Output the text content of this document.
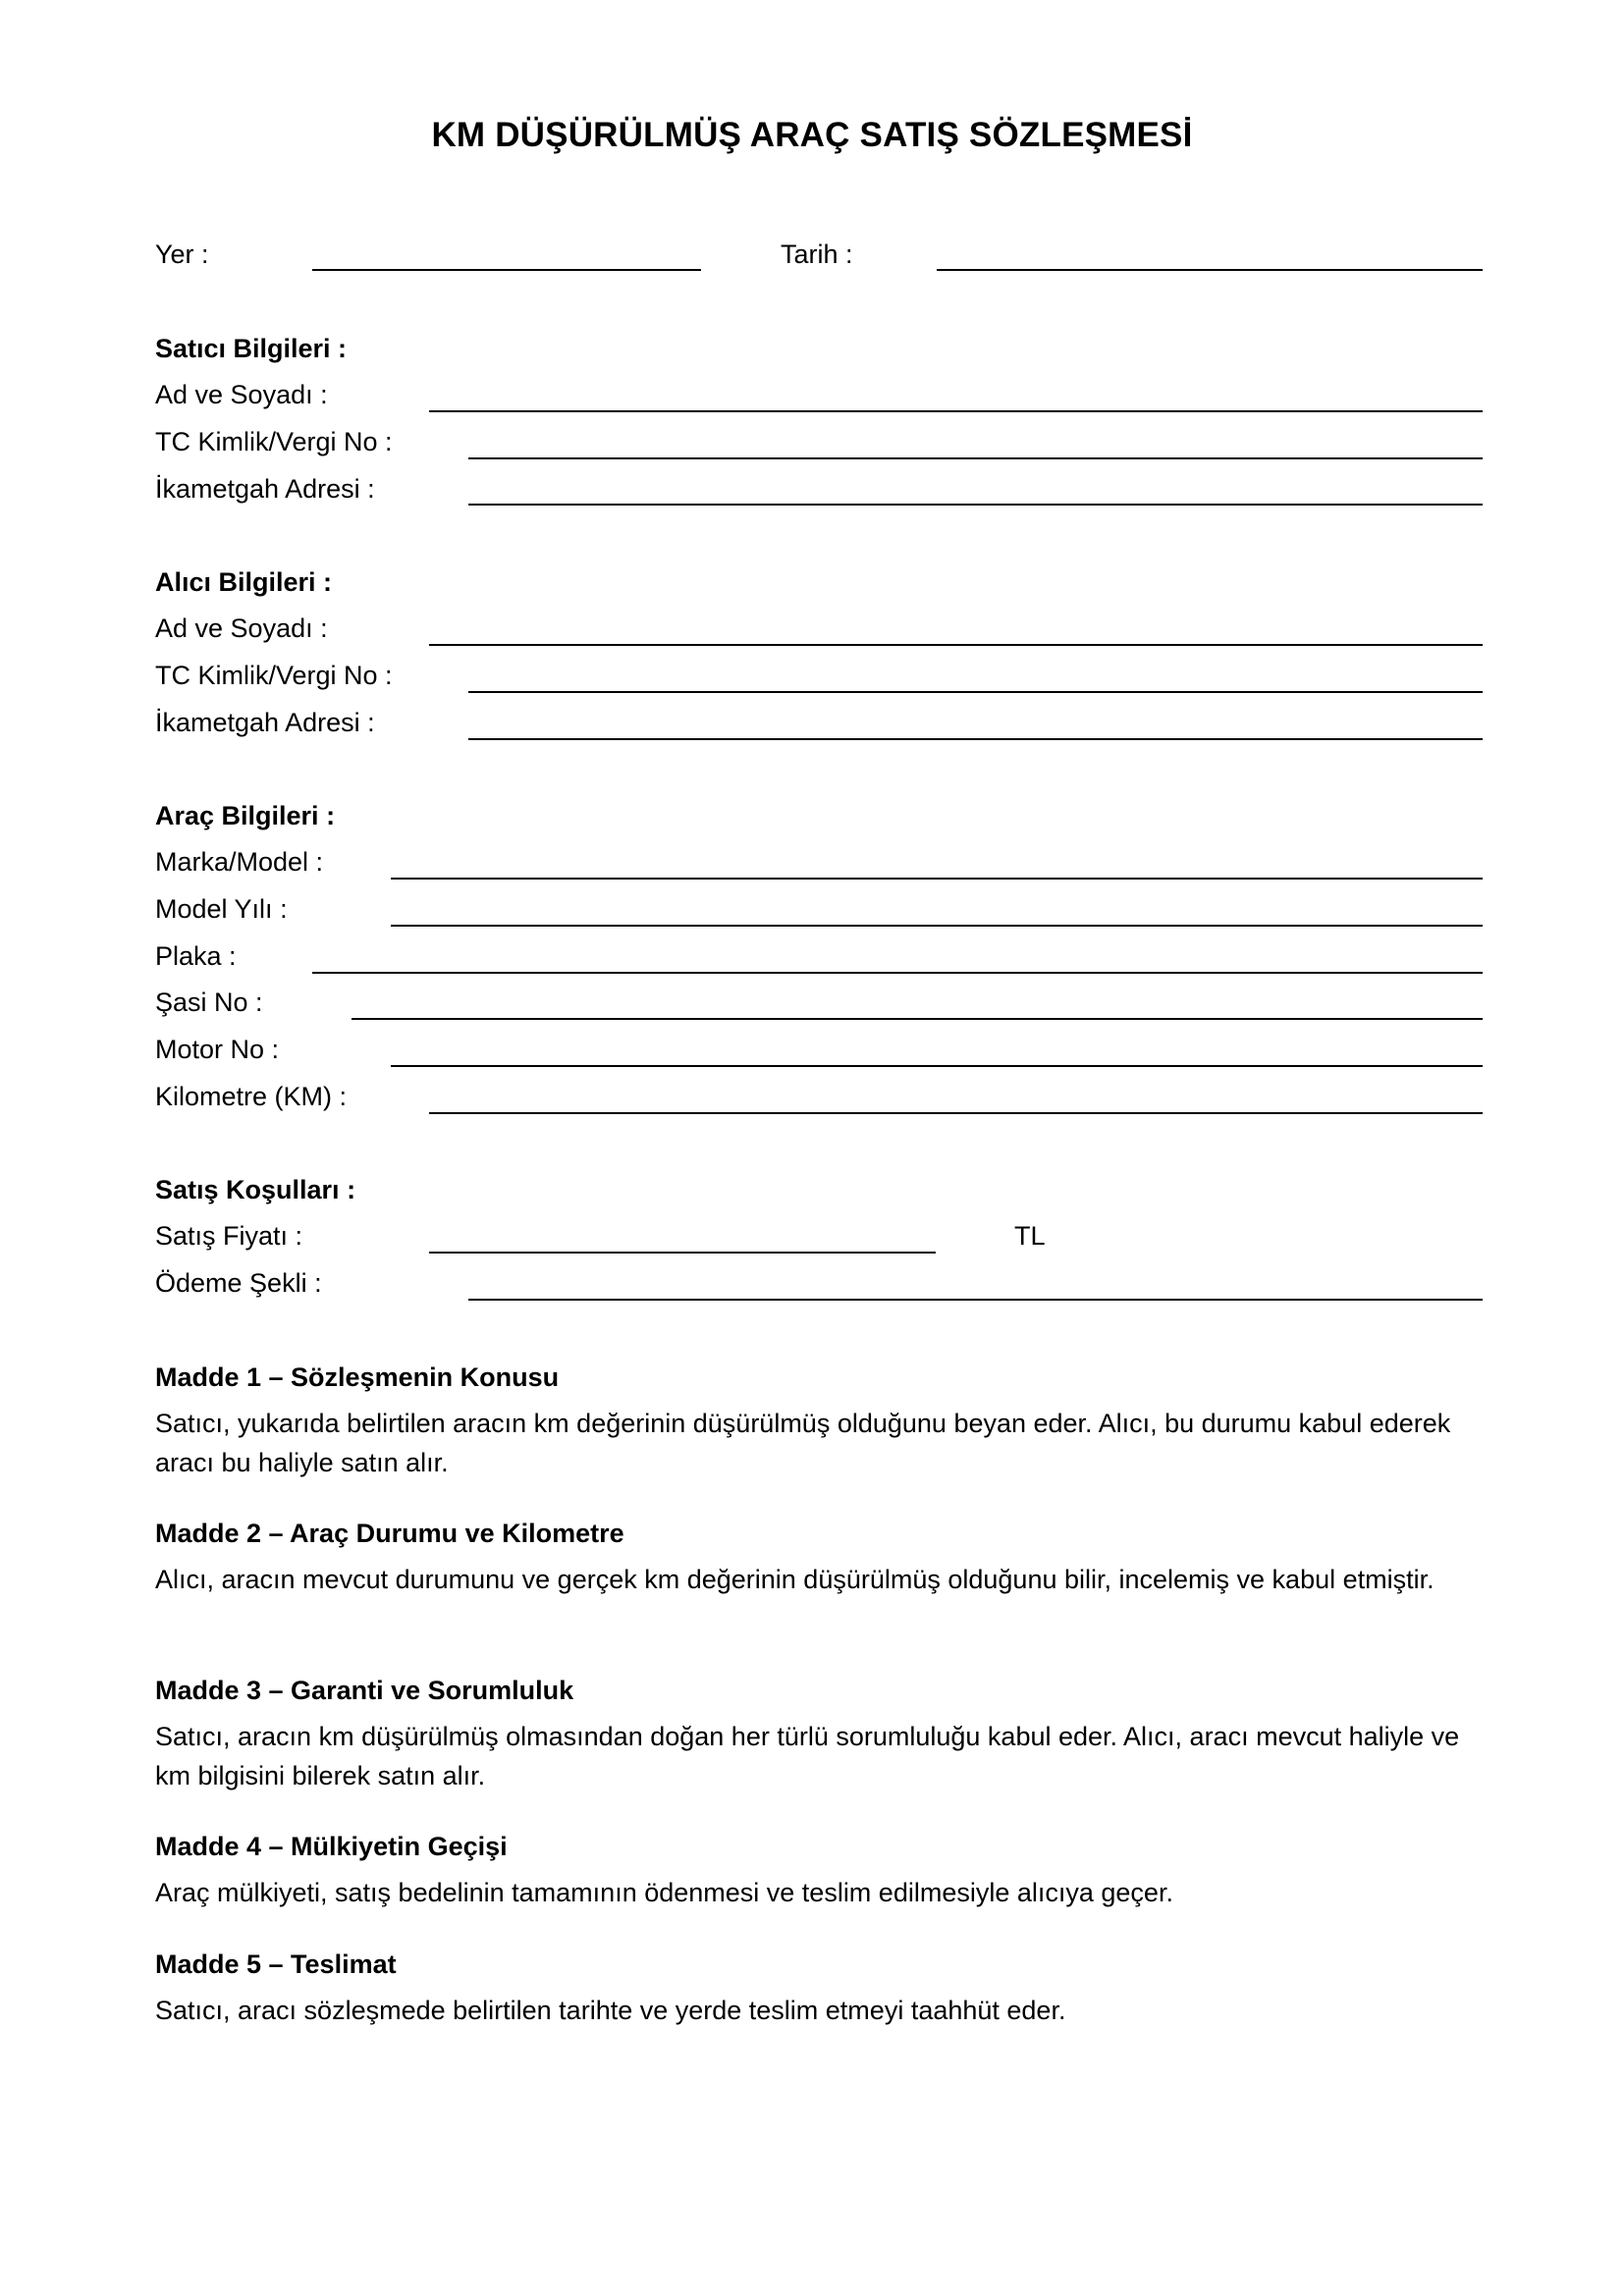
KM DÜŞÜRÜLMÜŞ ARAÇ SATIŞ SÖZLEŞMESİ
Yer :	Tarih :
Satıcı Bilgileri :
Ad ve Soyadı :
TC Kimlik/Vergi No :
İkametgah Adresi :
Alıcı Bilgileri :
Ad ve Soyadı :
TC Kimlik/Vergi No :
İkametgah Adresi :
Araç Bilgileri :
Marka/Model :
Model Yılı :
Plaka :
Şasi No :
Motor No :
Kilometre (KM) :
Satış Koşulları :
Satış Fiyatı :	TL
Ödeme Şekli :
Madde 1 – Sözleşmenin Konusu
Satıcı, yukarıda belirtilen aracın km değerinin düşürülmüş olduğunu beyan eder. Alıcı, bu durumu kabul ederek aracı bu haliyle satın alır.
Madde 2 – Araç Durumu ve Kilometre
Alıcı, aracın mevcut durumunu ve gerçek km değerinin düşürülmüş olduğunu bilir, incelemiş ve kabul etmiştir.
Madde 3 – Garanti ve Sorumluluk
Satıcı, aracın km düşürülmüş olmasından doğan her türlü sorumluluğu kabul eder. Alıcı, aracı mevcut haliyle ve km bilgisini bilerek satın alır.
Madde 4 – Mülkiyetin Geçişi
Araç mülkiyeti, satış bedelinin tamamının ödenmesi ve teslim edilmesiyle alıcıya geçer.
Madde 5 – Teslimat
Satıcı, aracı sözleşmede belirtilen tarihte ve yerde teslim etmeyi taahhüt eder.
